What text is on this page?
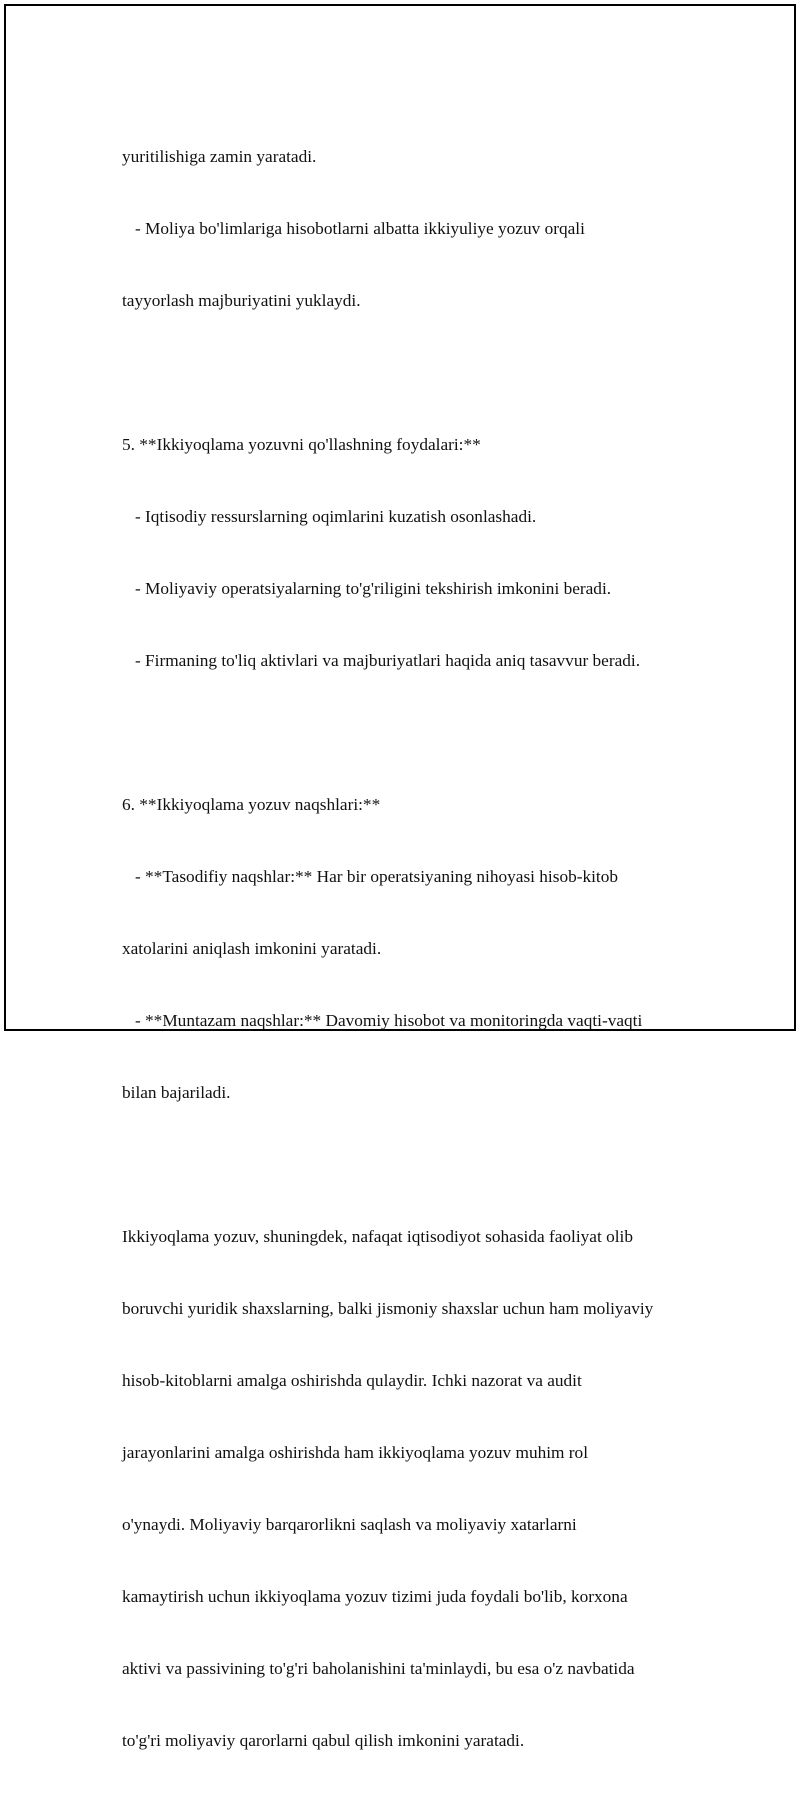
yuritilishiga zamin yaratadi.

- Moliya bo'limlariga hisobotlarni albatta ikkiyuliye yozuv orqali

tayyorlash majburiyatini yuklaydi.

5. **Ikkiyoqlama yozuvni qo'llashning foydalari:**

- Iqtisodiy ressurslarning oqimlarini kuzatish osonlashadi.

- Moliyaviy operatsiyalarning to'g'riligini tekshirish imkonini beradi.

- Firmaning to'liq aktivlari va majburiyatlari haqida aniq tasavvur beradi.

6. **Ikkiyoqlama yozuv naqshlari:**

- **Tasodifiy naqshlar:** Har bir operatsiyaning nihoyasi hisob-kitob

xatolarini aniqlash imkonini yaratadi.

- **Muntazam naqshlar:** Davomiy hisobot va monitoringda vaqti-vaqti

bilan bajariladi.

Ikkiyoqlama yozuv, shuningdek, nafaqat iqtisodiyot sohasida faoliyat olib

boruvchi yuridik shaxslarning, balki jismoniy shaxslar uchun ham moliyaviy

hisob-kitoblarni amalga oshirishda qulaydir. Ichki nazorat va audit

jarayonlarini amalga oshirishda ham ikkiyoqlama yozuv muhim rol

o'ynaydi. Moliyaviy barqarorlikni saqlash va moliyaviy xatarlarni

kamaytirish uchun ikkiyoqlama yozuv tizimi juda foydali bo'lib, korxona

aktivi va passivining to'g'ri baholanishini ta'minlaydi, bu esa o'z navbatida

to'g'ri moliyaviy qarorlarni qabul qilish imkonini yaratadi.
